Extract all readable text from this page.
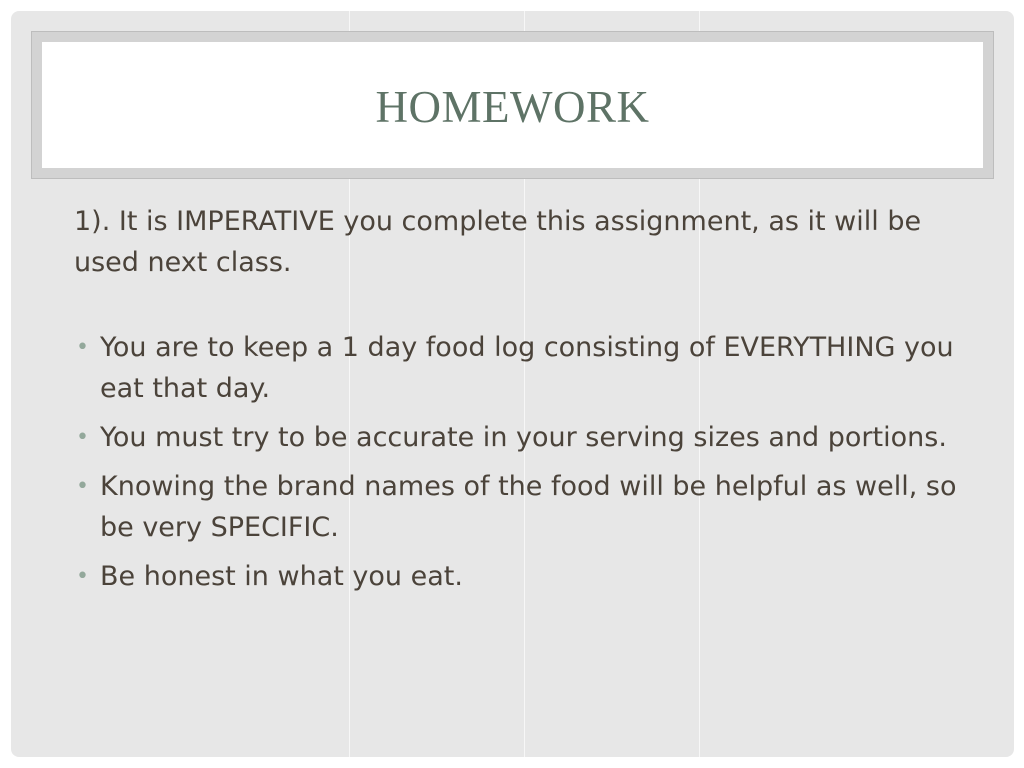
HOMEWORK

1). It is IMPERATIVE you complete this assignment, as it will be used next class.

• You are to keep a 1 day food log consisting of EVERYTHING you eat that day.
• You must try to be accurate in your serving sizes and portions.
• Knowing the brand names of the food will be helpful as well, so be very SPECIFIC.
• Be honest in what you eat.
